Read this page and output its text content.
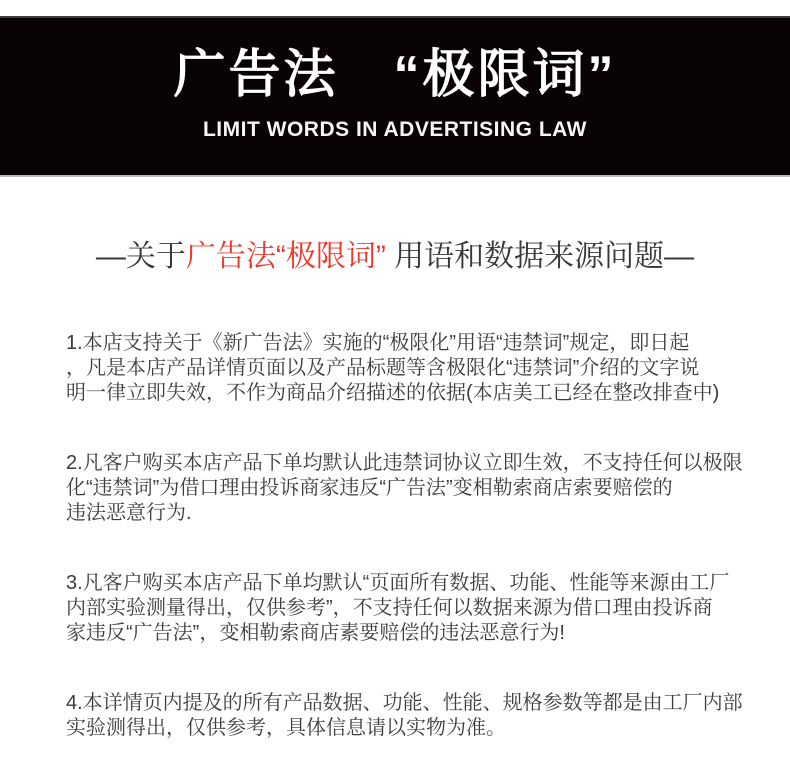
广告法　“极限词”
LIMIT WORDS IN ADVERTISING LAW
—关于广告法“极限词” 用语和数据来源问题—

1.本店支持关于《新广告法》实施的“极限化”用语“违禁词”规定，即日起
，凡是本店产品详情页面以及产品标题等含极限化“违禁词”介绍的文字说
明一律立即失效，不作为商品介绍描述的依据(本店美工已经在整改排查中)

2.凡客户购买本店产品下单均默认此违禁词协议立即生效，不支持任何以极限
化“违禁词”为借口理由投诉商家违反“广告法”变相勒索商店索要赔偿的
违法恶意行为.

3.凡客户购买本店产品下单均默认“页面所有数据、功能、性能等来源由工厂
内部实验测量得出，仅供参考”，不支持任何以数据来源为借口理由投诉商
家违反“广告法”，变相勒索商店素要赔偿的违法恶意行为!

4.本详情页内提及的所有产品数据、功能、性能、规格参数等都是由工厂内部
实验测得出，仅供参考，具体信息请以实物为准。
